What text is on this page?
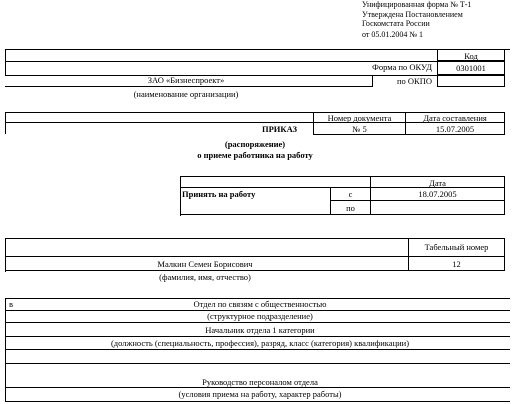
Унифицированная форма № Т-1
Утверждена Постановлением
Госкомстата России
от 05.01.2004 № 1
Код
Форма по ОКУД	0301001
ЗАО «Бизнеспроект»	по ОКПО
(наименование организации)
Номер документа	Дата составления
ПРИКАЗ	№ 5	15.07.2005
(распоряжение)
о приеме работника на работу
Дата
Принять на работу	с	18.07.2005
по
Табельный номер
Малкин Семен Борисович	12
(фамилия, имя, отчество)
в	Отдел по связям с общественностью
(структурное подразделение)
Начальник отдела 1 категории
(должность (специальность, профессия), разряд, класс (категория) квалификации)
Руководство персоналом отдела
(условия приема на работу, характер работы)
